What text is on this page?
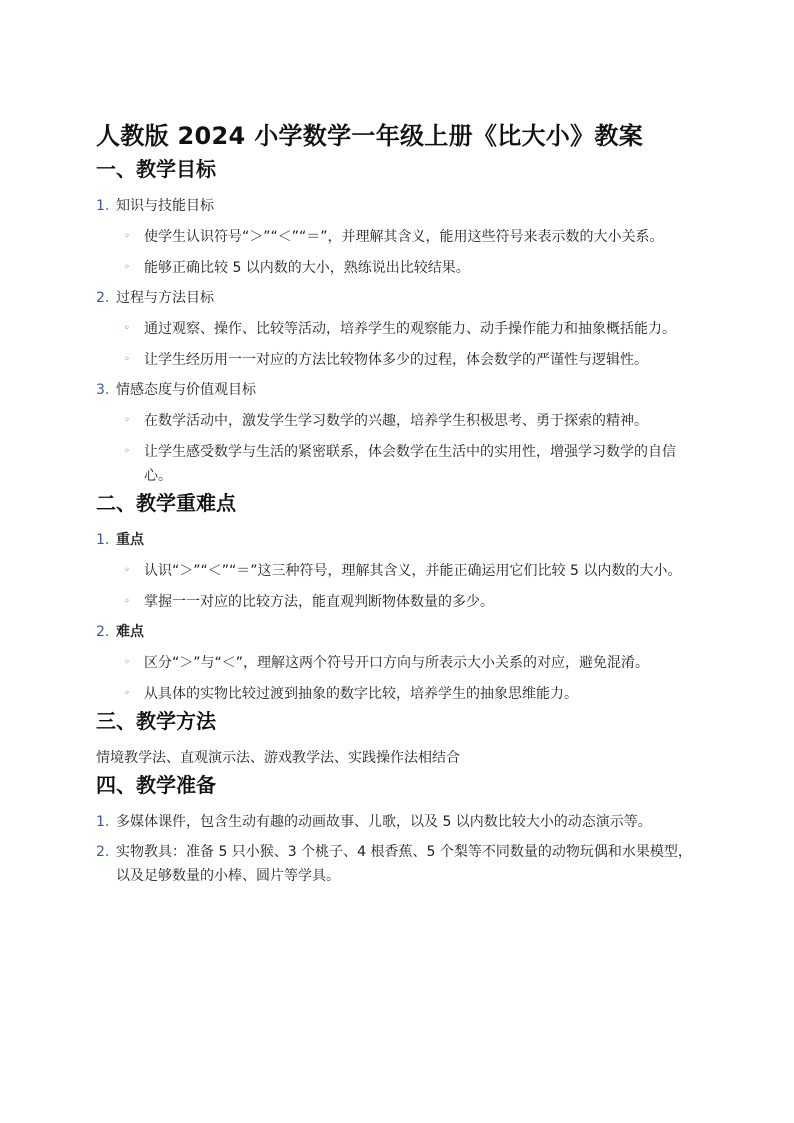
人教版 2024 小学数学一年级上册《比大小》教案
一、教学目标
1. 知识与技能目标
◦ 使学生认识符号“＞”“＜”“＝”，并理解其含义，能用这些符号来表示数的大小关系。
◦ 能够正确比较 5 以内数的大小，熟练说出比较结果。
2. 过程与方法目标
◦ 通过观察、操作、比较等活动，培养学生的观察能力、动手操作能力和抽象概括能力。
◦ 让学生经历用一一对应的方法比较物体多少的过程，体会数学的严谨性与逻辑性。
3. 情感态度与价值观目标
◦ 在数学活动中，激发学生学习数学的兴趣，培养学生积极思考、勇于探索的精神。
◦ 让学生感受数学与生活的紧密联系，体会数学在生活中的实用性，增强学习数学的自信心。
二、教学重难点
1. 重点
◦ 认识“＞”“＜”“＝”这三种符号，理解其含义，并能正确运用它们比较 5 以内数的大小。
◦ 掌握一一对应的比较方法，能直观判断物体数量的多少。
2. 难点
◦ 区分“＞”与“＜”，理解这两个符号开口方向与所表示大小关系的对应，避免混淆。
◦ 从具体的实物比较过渡到抽象的数字比较，培养学生的抽象思维能力。
三、教学方法

情境教学法、直观演示法、游戏教学法、实践操作法相结合

四、教学准备
1. 多媒体课件，包含生动有趣的动画故事、儿歌，以及 5 以内数比较大小的动态演示等。
2. 实物教具：准备 5 只小猴、3 个桃子、4 根香蕉、5 个梨等不同数量的动物玩偶和水果模型，以及足够数量的小棒、圆片等学具。
